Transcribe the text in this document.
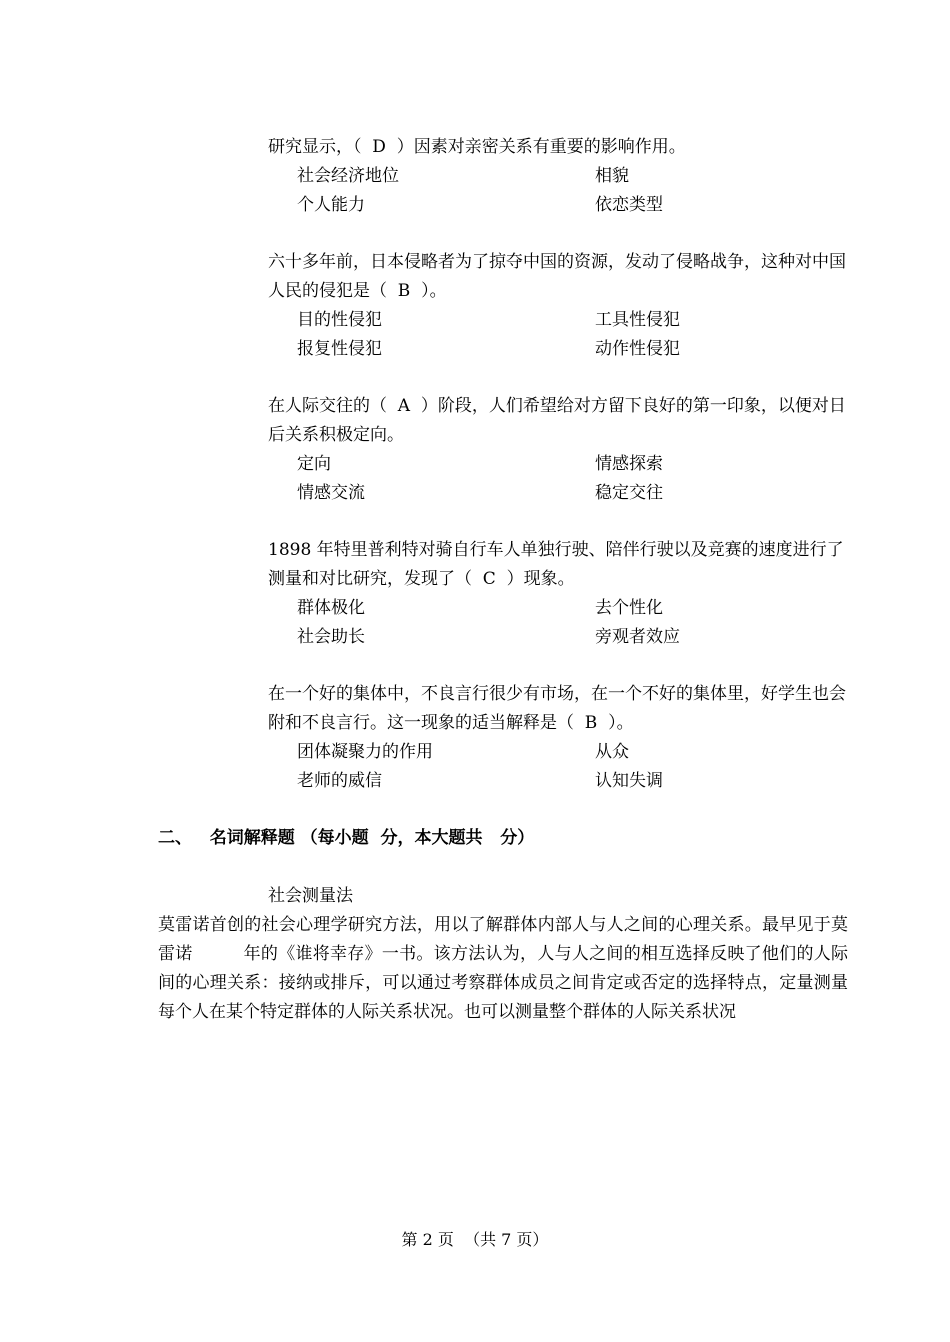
研究显示，（  D  ）因素对亲密关系有重要的影响作用。

社会经济地位	相貌
个人能力	依恋类型

六十多年前，日本侵略者为了掠夺中国的资源，发动了侵略战争，这种对中国人民的侵犯是（  B  ）。

目的性侵犯	工具性侵犯
报复性侵犯	动作性侵犯

在人际交往的（  A  ）阶段，人们希望给对方留下良好的第一印象，以便对日后关系积极定向。

定向	情感探索
情感交流	稳定交往

1898 年特里普利特对骑自行车人单独行驶、陪伴行驶以及竞赛的速度进行了测量和对比研究，发现了（  C  ）现象。

群体极化	去个性化
社会助长	旁观者效应

在一个好的集体中，不良言行很少有市场，在一个不好的集体里，好学生也会附和不良言行。这一现象的适当解释是（  B  ）。

团体凝聚力的作用	从众
老师的威信	认知失调
二、   名词解释题 （每小题  分，本大题共   分）
社会测量法
莫雷诺首创的社会心理学研究方法，用以了解群体内部人与人之间的心理关系。最早见于莫雷诺         年的《谁将幸存》一书。该方法认为，人与人之间的相互选择反映了他们的人际间的心理关系：接纳或排斥，可以通过考察群体成员之间肯定或否定的选择特点，定量测量每个人在某个特定群体的人际关系状况。也可以测量整个群体的人际关系状况
第 2 页  （共 7 页）
